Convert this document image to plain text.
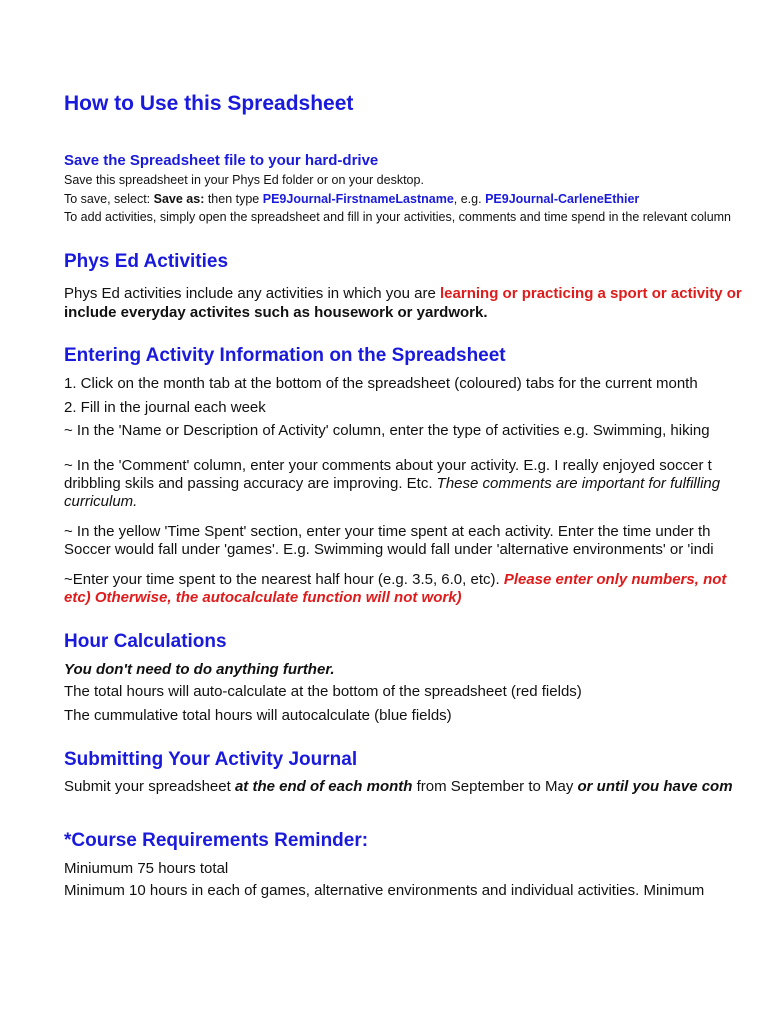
How to Use this Spreadsheet
Save the Spreadsheet file to your hard-drive
Save this spreadsheet in your Phys Ed folder or on your desktop.
To save, select: Save as: then type PE9Journal-FirstnameLastname, e.g. PE9Journal-CarleneEthier
To add activities, simply open the spreadsheet and fill in your activities, comments and time spend in the relevant column
Phys Ed Activities
Phys Ed activities include any activities in which you are learning or practicing a sport or activity or
include everyday activites such as housework or yardwork.
Entering Activity Information on the Spreadsheet
1. Click on the month tab at the bottom of the spreadsheet (coloured) tabs for the current month
2. Fill in the journal each week
~ In the 'Name or Description of Activity' column, enter the type of activities e.g. Swimming, hiking
~ In the 'Comment' column, enter your comments about your activity. E.g. I really enjoyed soccer t
dribbling skils and passing accuracy are improving. Etc. These comments are important for fulfilling
curriculum.
~ In the yellow 'Time Spent' section, enter your time spent at each activity. Enter the time under th
Soccer would fall under 'games'. E.g. Swimming would fall under 'alternative environments' or 'indi
~Enter your time spent to the nearest half hour (e.g. 3.5, 6.0, etc). Please enter only numbers, not
etc) Otherwise, the autocalculate function will not work)
Hour Calculations
You don't need to do anything further.
The total hours will auto-calculate at the bottom of the spreadsheet (red fields)
The cummulative total hours will autocalculate (blue fields)
Submitting Your Activity Journal
Submit your spreadsheet at the end of each month from September to May or until you have com
*Course Requirements Reminder:
Miniumum 75 hours total
Minimum 10 hours in each of games, alternative environments and individual activities. Minimum
